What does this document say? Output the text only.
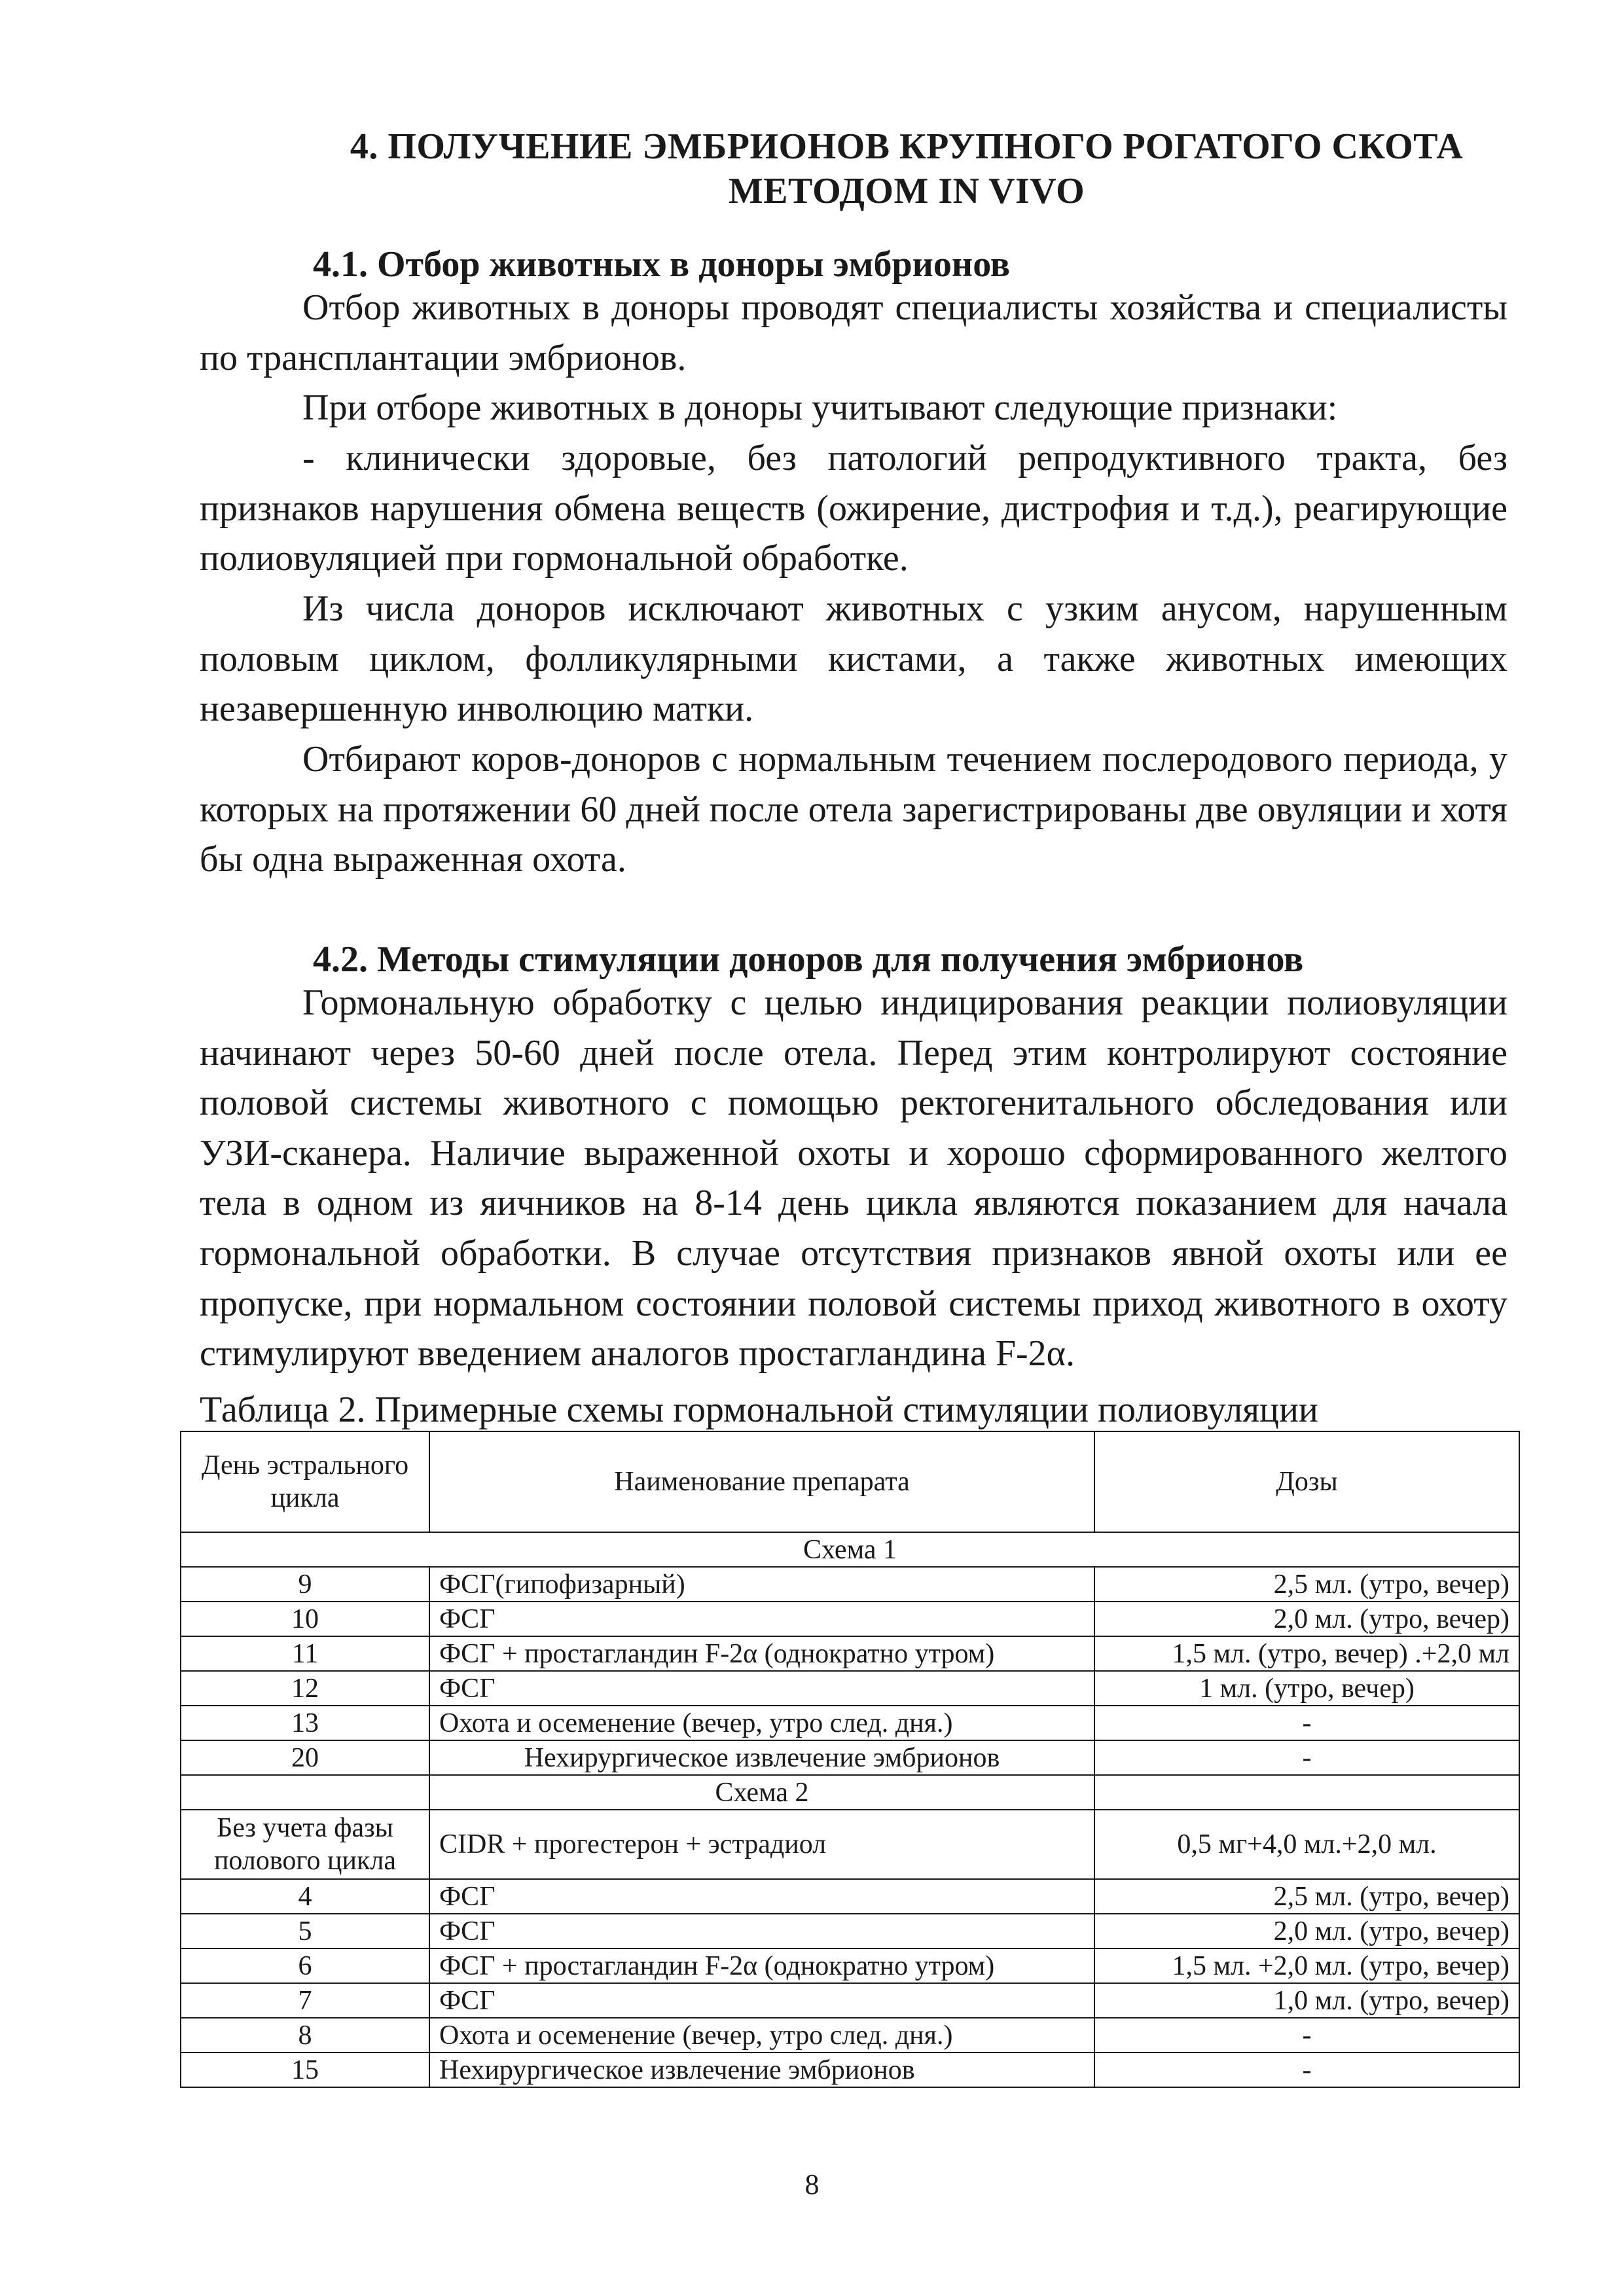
4. ПОЛУЧЕНИЕ ЭМБРИОНОВ КРУПНОГО РОГАТОГО СКОТА
МЕТОДОМ IN VIVO
4.1. Отбор животных в доноры эмбрионов

Отбор животных в доноры проводят специалисты хозяйства и специалисты по трансплантации эмбрионов.

При отборе животных в доноры учитывают следующие признаки:

- клинически здоровые, без патологий репродуктивного тракта, без признаков нарушения обмена веществ (ожирение, дистрофия и т.д.), реагирующие полиовуляцией при гормональной обработке.

Из числа доноров исключают животных с узким анусом, нарушенным половым циклом, фолликулярными кистами, а также животных имеющих незавершенную инволюцию матки.

Отбирают коров-доноров с нормальным течением послеродового периода, у которых на протяжении 60 дней после отела зарегистрированы две овуляции и хотя бы одна выраженная охота.

4.2. Методы стимуляции доноров для получения эмбрионов

Гормональную обработку с целью индицирования реакции полиовуляции начинают через 50-60 дней после отела. Перед этим контролируют состояние половой системы животного с помощью ректогенитального обследования или УЗИ-сканера. Наличие выраженной охоты и хорошо сформированного желтого тела в одном из яичников на 8-14 день цикла являются показанием для начала гормональной обработки. В случае отсутствия признаков явной охоты или ее пропуске, при нормальном состоянии половой системы приход животного в охоту стимулируют введением аналогов простагландина F-2α.

Таблица 2. Примерные схемы гормональной стимуляции полиовуляции
День эстрального цикла	Наименование препарата	Дозы
Схема 1		
9	ФСГ(гипофизарный)	2,5 мл. (утро, вечер)
10	ФСГ	2,0 мл. (утро, вечер)
11	ФСГ + простагландин F-2α (однократно утром)	1,5 мл. (утро, вечер) .+2,0 мл
12	ФСГ	1 мл. (утро, вечер)
13	Охота и осеменение (вечер, утро след. дня.)	-
20	Нехирургическое извлечение эмбрионов	-
	Схема 2	
Без учета фазы полового цикла	CIDR + прогестерон + эстрадиол	0,5 мг+4,0 мл.+2,0 мл.
4	ФСГ	2,5 мл. (утро, вечер)
5	ФСГ	2,0 мл. (утро, вечер)
6	ФСГ + простагландин F-2α (однократно утром)	1,5 мл. +2,0 мл. (утро, вечер)
7	ФСГ	1,0 мл. (утро, вечер)
8	Охота и осеменение (вечер, утро след. дня.)	-
15	Нехирургическое извлечение эмбрионов	-
8
